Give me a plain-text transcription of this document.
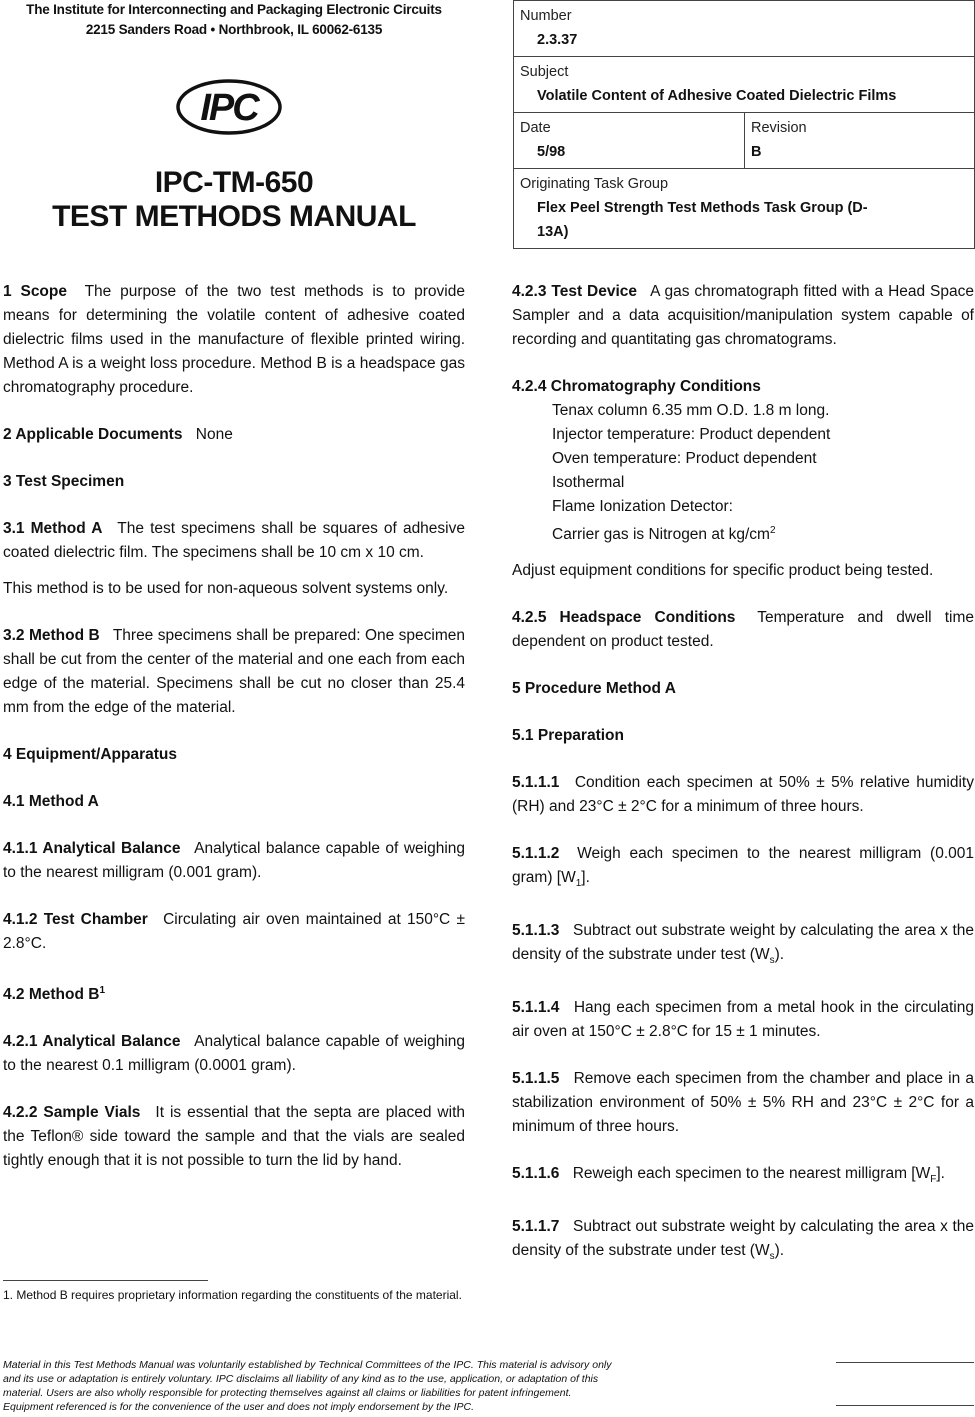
The Institute for Interconnecting and Packaging Electronic Circuits
2215 Sanders Road • Northbrook, IL 60062-6135
IPC
IPC-TM-650
TEST METHODS MANUAL
Number
2.3.37

Subject
Volatile Content of Adhesive Coated Dielectric Films

Date
5/98

Revision
B

Originating Task Group
Flex Peel Strength Test Methods Task Group (D-13A)

1 Scope The purpose of the two test methods is to provide means for determining the volatile content of adhesive coated dielectric films used in the manufacture of flexible printed wiring. Method A is a weight loss procedure. Method B is a headspace gas chromatography procedure.

2 Applicable Documents None

3 Test Specimen

3.1 Method A The test specimens shall be squares of adhesive coated dielectric film. The specimens shall be 10 cm x 10 cm.

This method is to be used for non-aqueous solvent systems only.

3.2 Method B Three specimens shall be prepared: One specimen shall be cut from the center of the material and one each from each edge of the material. Specimens shall be cut no closer than 25.4 mm from the edge of the material.

4 Equipment/Apparatus

4.1 Method A

4.1.1 Analytical Balance Analytical balance capable of weighing to the nearest milligram (0.001 gram).

4.1.2 Test Chamber Circulating air oven maintained at 150°C ± 2.8°C.

4.2 Method $B^1$

4.2.1 Analytical Balance Analytical balance capable of weighing to the nearest 0.1 milligram (0.0001 gram).

4.2.2 Sample Vials It is essential that the septa are placed with the Teflon® side toward the sample and that the vials are sealed tightly enough that it is not possible to turn the lid by hand.

4.2.3 Test Device A gas chromatograph fitted with a Head Space Sampler and a data acquisition/manipulation system capable of recording and quantitating gas chromatograms.

4.2.4 Chromatography Conditions

Tenax column 6.35 mm O.D. 1.8 m long.
Injector temperature: Product dependent
Oven temperature: Product dependent
Isothermal
Flame Ionization Detector:
Carrier gas is Nitrogen at $kg/cm^2$

Adjust equipment conditions for specific product being tested.

4.2.5 Headspace Conditions Temperature and dwell time dependent on product tested.

5 Procedure Method A

5.1 Preparation

5.1.1.1 Condition each specimen at 50% ± 5% relative humidity (RH) and 23°C ± 2°C for a minimum of three hours.

5.1.1.2 Weigh each specimen to the nearest milligram (0.001 gram) $[W_1]$.

5.1.1.3 Subtract out substrate weight by calculating the area x the density of the substrate under test $(W_s)$.

5.1.1.4 Hang each specimen from a metal hook in the circulating air oven at 150°C ± 2.8°C for 15 ± 1 minutes.

5.1.1.5 Remove each specimen from the chamber and place in a stabilization environment of 50% ± 5% RH and 23°C ± 2°C for a minimum of three hours.

5.1.1.6 Reweigh each specimen to the nearest milligram $[W_F]$.

5.1.1.7 Subtract out substrate weight by calculating the area x the density of the substrate under test $(W_s)$.

1. Method B requires proprietary information regarding the constituents of the material.
Material in this Test Methods Manual was voluntarily established by Technical Committees of the IPC. This material is advisory only
and its use or adaptation is entirely voluntary. IPC disclaims all liability of any kind as to the use, application, or adaptation of this
material. Users are also wholly responsible for protecting themselves against all claims or liabilities for patent infringement.
Equipment referenced is for the convenience of the user and does not imply endorsement by the IPC.
